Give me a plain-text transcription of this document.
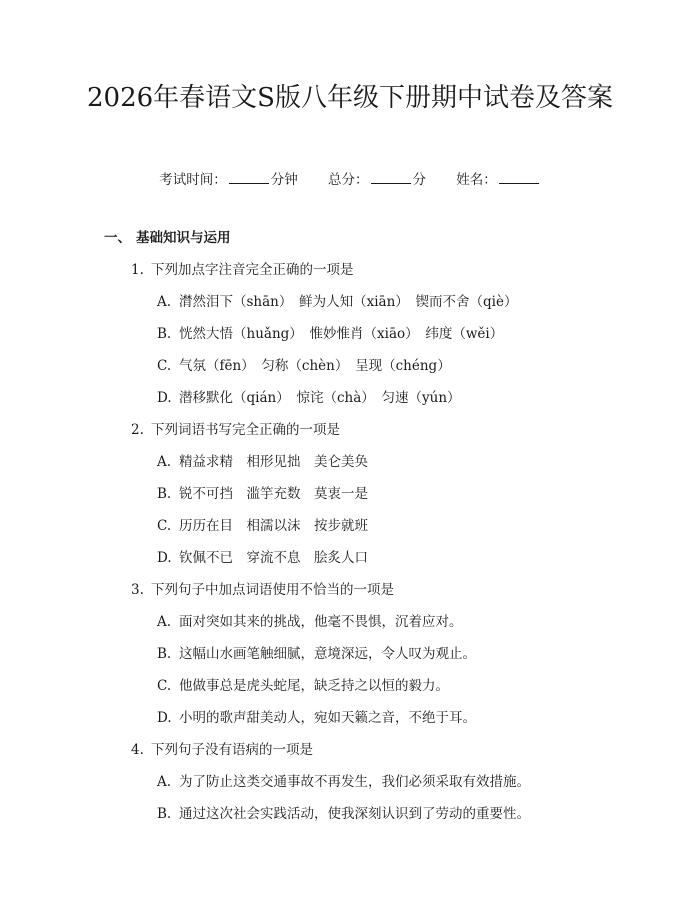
2026年春语文S版八年级下册期中试卷及答案
考试时间：	分钟 总分：	分 姓名：
一、 基础知识与运用
1. 下列加点字注音完全正确的一项是
A. 潸然泪下（shān）　鲜为人知（xiān）　锲而不舍（qiè）
B. 恍然大悟（huǎng）　惟妙惟肖（xiāo）　纬度（wěi）
C. 气氛（fēn）　匀称（chèn）　呈现（chéng）
D. 潜移默化（qián）　惊诧（chà）　匀速（yún）
2. 下列词语书写完全正确的一项是
A. 精益求精　相形见拙　美仑美奂
B. 锐不可挡　滥竽充数　莫衷一是
C. 历历在目　相濡以沫　按步就班
D. 钦佩不已　穿流不息　脍炙人口
3. 下列句子中加点词语使用不恰当的一项是
A. 面对突如其来的挑战，他毫不畏惧，沉着应对。
B. 这幅山水画笔触细腻，意境深远，令人叹为观止。
C. 他做事总是虎头蛇尾，缺乏持之以恒的毅力。
D. 小明的歌声甜美动人，宛如天籁之音，不绝于耳。
4. 下列句子没有语病的一项是
A. 为了防止这类交通事故不再发生，我们必须采取有效措施。
B. 通过这次社会实践活动，使我深刻认识到了劳动的重要性。
